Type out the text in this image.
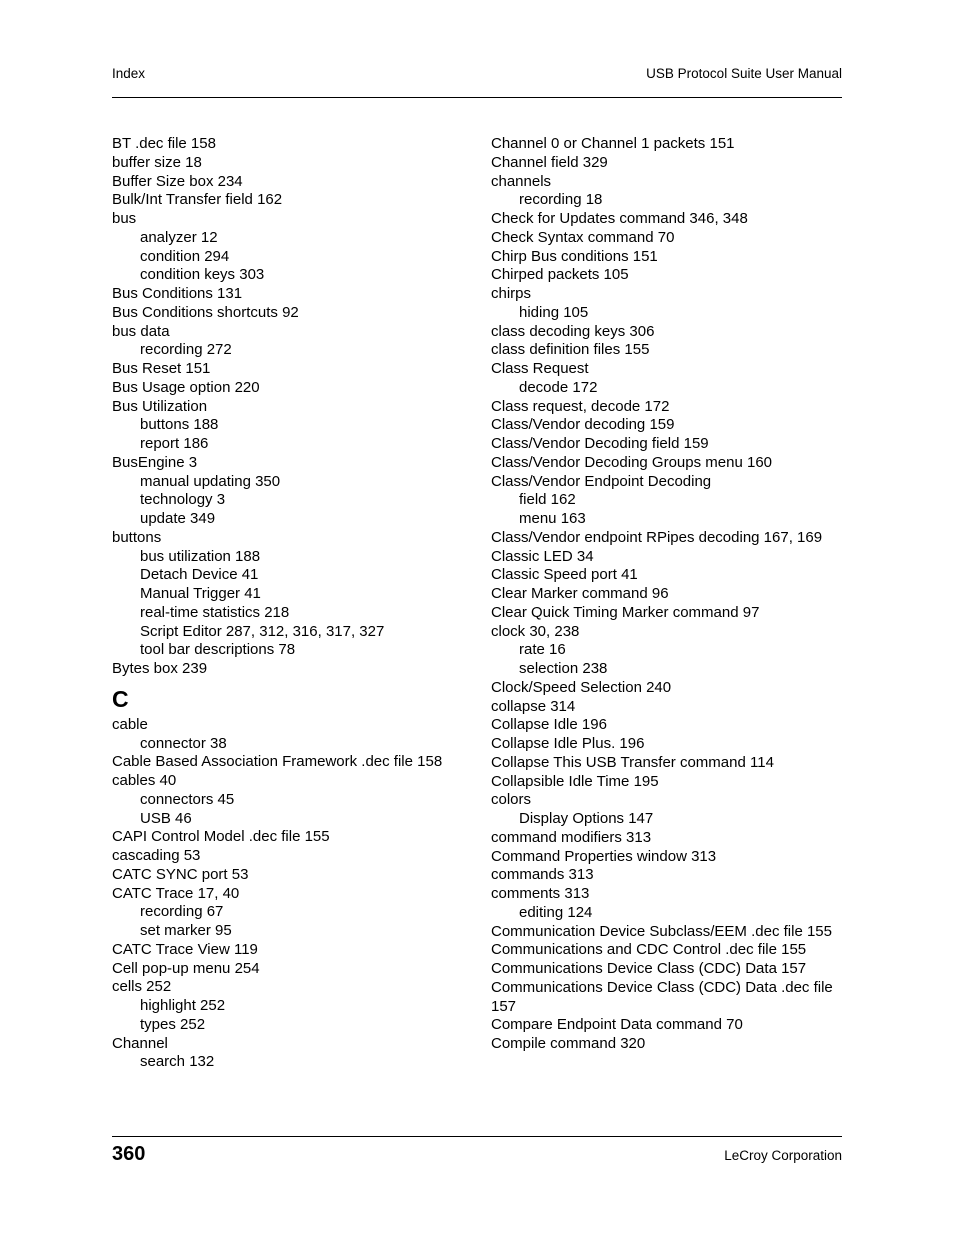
Index	USB Protocol Suite User Manual
BT .dec file 158
buffer size 18
Buffer Size box 234
Bulk/Int Transfer field 162
bus
analyzer 12
condition 294
condition keys 303
Bus Conditions 131
Bus Conditions shortcuts 92
bus data
recording 272
Bus Reset 151
Bus Usage option 220
Bus Utilization
buttons 188
report 186
BusEngine 3
manual updating 350
technology 3
update 349
buttons
bus utilization 188
Detach Device 41
Manual Trigger 41
real-time statistics 218
Script Editor 287, 312, 316, 317, 327
tool bar descriptions 78
Bytes box 239
C
cable
connector 38
Cable Based Association Framework .dec file 158
cables 40
connectors 45
USB 46
CAPI Control Model .dec file 155
cascading 53
CATC SYNC port 53
CATC Trace 17, 40
recording 67
set marker 95
CATC Trace View 119
Cell pop-up menu 254
cells 252
highlight 252
types 252
Channel
search 132
Channel 0 or Channel 1 packets 151
Channel field 329
channels
recording 18
Check for Updates command 346, 348
Check Syntax command 70
Chirp Bus conditions 151
Chirped packets 105
chirps
hiding 105
class decoding keys 306
class definition files 155
Class Request
decode 172
Class request, decode 172
Class/Vendor decoding 159
Class/Vendor Decoding field 159
Class/Vendor Decoding Groups menu 160
Class/Vendor Endpoint Decoding
field 162
menu 163
Class/Vendor endpoint RPipes decoding 167, 169
Classic LED 34
Classic Speed port 41
Clear Marker command 96
Clear Quick Timing Marker command 97
clock 30, 238
rate 16
selection 238
Clock/Speed Selection 240
collapse 314
Collapse Idle 196
Collapse Idle Plus. 196
Collapse This USB Transfer command 114
Collapsible Idle Time 195
colors
Display Options 147
command modifiers 313
Command Properties window 313
commands 313
comments 313
editing 124
Communication Device Subclass/EEM .dec file 155
Communications and CDC Control .dec file 155
Communications Device Class (CDC) Data 157
Communications Device Class (CDC) Data .dec file
157
Compare Endpoint Data command 70
Compile command 320
360	LeCroy Corporation
